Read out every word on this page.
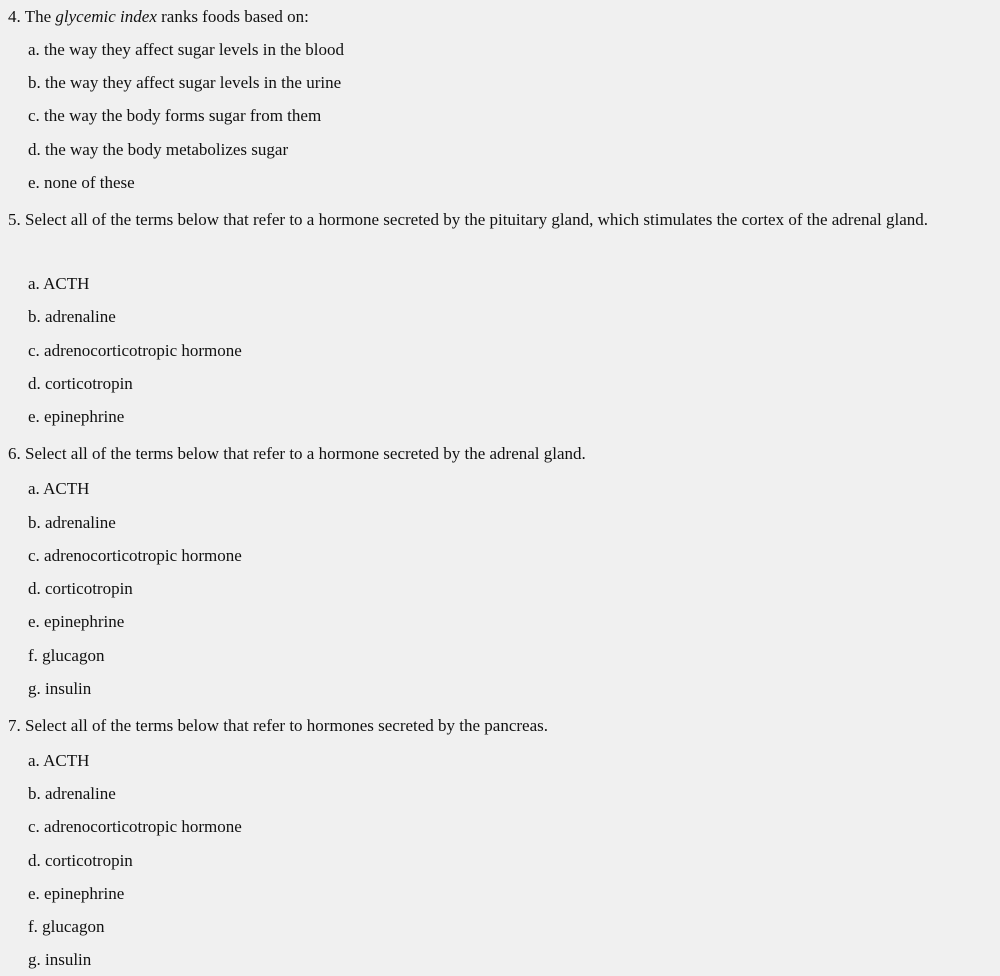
4. The glycemic index ranks foods based on:

a. the way they affect sugar levels in the blood

b. the way they affect sugar levels in the urine

c. the way the body forms sugar from them

d. the way the body metabolizes sugar

e. none of these

5. Select all of the terms below that refer to a hormone secreted by the pituitary gland, which stimulates the cortex of the adrenal gland.

a. ACTH

b. adrenaline

c. adrenocorticotropic hormone

d. corticotropin

e. epinephrine

6. Select all of the terms below that refer to a hormone secreted by the adrenal gland.

a. ACTH

b. adrenaline

c. adrenocorticotropic hormone

d. corticotropin

e. epinephrine

f. glucagon

g. insulin

7. Select all of the terms below that refer to hormones secreted by the pancreas.

a. ACTH

b. adrenaline

c. adrenocorticotropic hormone

d. corticotropin

e. epinephrine

f. glucagon

g. insulin
